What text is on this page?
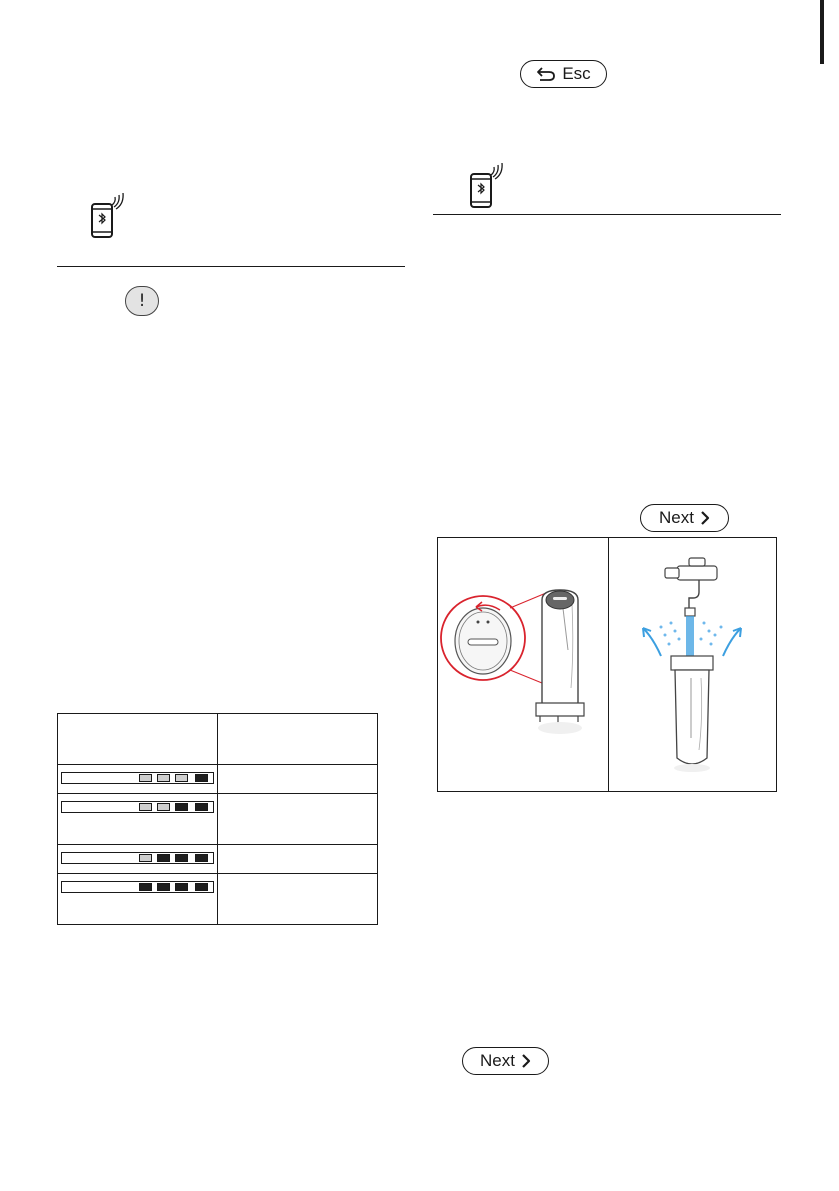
!

Esc
Next
Next
